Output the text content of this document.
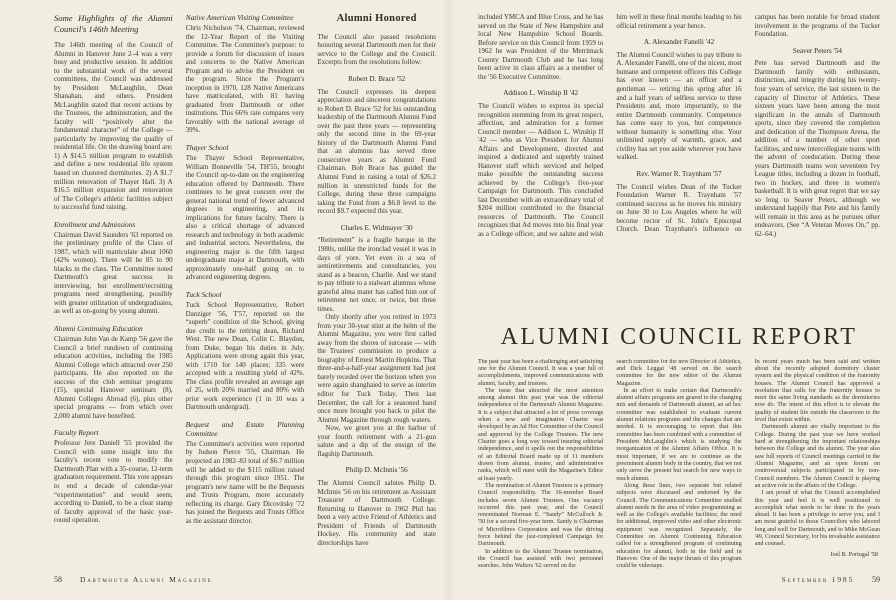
Some Highlights of the Alumni Council's 146th Meeting

The 146th meeting of the Council of Alumni in Hanover June 2–4 was a very busy and productive session. In addition to the substantial work of the several committees, the Council was addressed by President McLaughlin, Dean Shanahan, and others. President McLaughlin stated that recent actions by the Trustees, the administration, and the faculty will “positively alter the fundamental character” of the College — particularly by improving the quality of residential life. On the drawing board are: 1) A $14.5 million program to establish and define a new residential life system based on clustered dormitories. 2) A $1.7 million renovation of Thayer Hall. 3) A $16.5 million expansion and renovation of The College's athletic facilities subject to successful fund raising.

Enrollment and Admissions

Chairman David Saunders '63 reported on the preliminary profile of the Class of 1987, which will matriculate about 1060 (42% women). There will be 85 to 90 blacks in the class. The Committee noted Dartmouth's great success in interviewing, but enrollment/recruiting programs need strengthening, possibly with greater utilization of undergraduates, as well as on-going by young alumni.

Alumni Continuing Education

Chairman John Van de Kamp '56 gave the Council a brief rundown of continuing education activities, including the 1985 Alumni College which attracted over 250 participants. He also reported on the success of the club seminar programs (15), special Hanover seminars (8), Alumni Colleges Abroad (6), plus other special programs — from which over 2,000 alumni have benefited.

Faculty Report

Professor Jere Daniell '55 provided the Council with some insight into the faculty's recent vote to modify the Dartmouth Plan with a 35-course, 12-term graduation requirement. This vote appears to end a decade of calendar-year “experimentation” and would seem, according to Daniell, to be a clear stamp of faculty approval of the basic year-round operation.

Native American Visiting Committee

Chris Nicholson '74, Chairman, reviewed the 12-Year Report of the Visiting Committee. The Committee's purpose: to provide a forum for discussion of issues and concerns to the Native American Program and to advise the President on the program. Since the Program's inception in 1970, 128 Native Americans have matriculated, with 81 having graduated from Dartmouth or other institutions. This 66% rate compares very favorably with the national average of 39%.

Thayer School

The Thayer School Representative, William Bonneville '54, TH'55, brought the Council up-to-date on the engineering education offered by Dartmouth. There continues to be great concern over the general national trend of fewer advanced degrees in engineering, and its implications for future faculty. There is also a critical shortage of advanced research and technology in both academic and industrial sectors. Nevertheless, the engineering major is the fifth largest undergraduate major at Dartmouth, with approximately one-half going on to advanced engineering degrees.

Tuck School

Tuck School Representative, Robert Danziger '56, T'57, reported on the “superb” condition of the School, giving due credit to the retiring dean, Richard West. The new Dean, Colin C. Blaydon, from Duke, began his duties in July. Applications were strong again this year, with 1710 for 140 places; 335 were accepted with a resulting yield of 42%. The class profile revealed an average age of 25, with 20% married and 80% with prior work experience (1 in 10 was a Dartmouth undergrad).

Bequest and Estate Planning Committee

The Committee's activities were reported by Judson Pierce '55, Chairman. He projected an 1982–83 total of $6.7 million will be added to the $115 million raised through this program since 1951. The program's new name will be the Bequests and Trusts Program, more accurately reflecting its charge. Gary Dicovitsky '72 has joined the Bequests and Trusts Office as the assistant director.

Alumni Honored

The Council also passed resolutions honoring several Dartmouth men for their service to the College and the Council. Excerpts from the resolutions follow:

Robert D. Brace '52

The Council expresses its deepest appreciation and sincerest congratulations to Robert D. Brace '52 for his outstanding leadership of the Dartmouth Alumni Fund over the past three years — representing only the second time in the 69-year history of the Dartmouth Alumni Fund that an alumnus has served three consecutive years as Alumni Fund Chairman. Bob Brace has guided the Alumni Fund in raising a total of $26.2 million in unrestricted funds for the College, during these three campaigns taking the Fund from a $6.8 level to the record $9.7 expected this year.

Charles E. Widmayer '30

“Retirement” is a fragile barque in the 1980s, unlike the ironclad vessel it was in days of yore. Yet even in a sea of semiretirements and consultancies, you stand as a beacon, Charlie. And we stand to pay tribute to a stalwart alumnus whose grateful alma mater has called him out of retirement not once, or twice, but three times.

Only shortly after you retired in 1973 from your 30-year stint at the helm of the Alumni Magazine, you were first called away from the shores of surcease — with the Trustees' commission to produce a biography of Ernest Martin Hopkins. That three-and-a-half-year assignment had just barely receded over the horizon when you were again shanghaied to serve as interim editor for Tuck Today. Then last December, the call for a seasoned hand once more brought you back to pilot the Alumni Magazine through rough waters.

Now, we greet you at the harbor of your fourth retirement with a 21-gun salute and a dip of the ensign of the flagship Dartmouth.

Philip D. McInnis '56

The Alumni Council salutes Philip D. McInnis '56 on his retirement as Assistant Treasurer of Dartmouth College. Returning to Hanover in 1962 Phil has been a very active Friend of Athletics and President of Friends of Dartmouth Hockey. His community and state directorships have

58 Dartmouth Alumni Magazine

included YMCA and Blue Cross, and he has served on the State of New Hampshire and local New Hampshire School Boards. Before service on this Council from 1959 to 1962 he was President of the Merrimack County Dartmouth Club and he has long been active in class affairs as a member of the '56 Executive Committee.

Addison L. Winship II '42

The Council wishes to express its special recognition stemming from its great respect, affection, and admiration for a former Council member — Addison L. Winship II '42 — who as Vice President for Alumni Affairs and Development, directed and inspired a dedicated and superbly trained Hanover staff which serviced and helped make possible the outstanding success achieved by the College's five-year Campaign for Dartmouth. This concluded last December with an extraordinary total of $204 million contributed to the financial resources of Dartmouth. The Council recognizes that Ad moves into his final year as a College officer, and we salute and wish him well in these final months leading to his official retirement a year hence.

A. Alexander Fanelli '42

The Alumni Council wishes to pay tribute to A. Alexander Fanelli, one of the nicest, most humane and competent officers this College has ever known — an officer and a gentleman — retiring this spring after 16 and a half years of selfless service to three Presidents and, more importantly, to the entire Dartmouth community. Competence has come easy to you, but competence without humanity is something else. Your unlimited supply of warmth, grace, and civility has set you aside wherever you have walked.

Rev. Warner R. Traynham '57

The Council wishes Dean of the Tucker Foundation Warner R. Traynham '57 continued success as he moves his ministry on June 30 to Los Angeles where he will become rector of St. John's Episcopal Church. Dean Traynham's influence on campus has been notable for broad student involvement in the programs of the Tucker Foundation.

Seaver Peters '54

Pete has served Dartmouth and the Dartmouth family with enthusiasm, distinction, and integrity during his twenty-four years of service, the last sixteen in the capacity of Director of Athletics. These sixteen years have been among the most significant in the annals of Dartmouth sports, since they covered the completion and dedication of the Thompson Arena, the addition of a number of other sport facilities, and new intercollegiate teams with the advent of coeducation. During these years Dartmouth teams won seventeen Ivy League titles, including a dozen in football, two in hockey, and three in women's basketball. It is with great regret that we say so long to Seaver Peters, although we understand happily that Pete and his family will remain in this area as he pursues other endeavors. (See “A Veteran Moves On,” pp. 62–64.)

ALUMNI COUNCIL REPORT

The past year has been a challenging and satisfying one for the Alumni Council. It was a year full of accomplishments, improved communications with alumni, faculty, and trustees.

The issue that attracted the most attention among alumni this past year was the editorial independence of the Dartmouth Alumni Magazine. It is a subject that attracted a lot of press coverage when a new and imaginative Charter was developed by an Ad Hoc Committee of the Council and approved by the College Trustees. The new Charter goes a long way toward insuring editorial independence, and it spells out the responsibilities of an Editorial Board made up of 11 members drawn from alumni, trustee, and administrative ranks, which will meet with the Magazine's Editor at least yearly.

The nomination of Alumni Trustees is a primary Council responsibility. The 16-member Board includes seven Alumni Trustees. One vacancy occurred this past year, and the Council renominated Norman E. “Sandy” McCulloch Jr. '50 for a second five-year term. Sandy is Chairman of Microfibres Corporation and was the driving force behind the just-completed Campaign for Dartmouth.

In addition to the Alumni Trustee nomination, the Council has assisted with two personnel searches. John Walters '62 served on the

search committee for the new Director of Athletics, and Dick Leggat '48 served on the search committee for the new editor of the Alumni Magazine.

In an effort to make certain that Dartmouth's alumni affairs programs are geared to the changing mix and demands of Dartmouth alumni, an ad hoc committee was established to evaluate current alumni relations programs and the changes that are needed. It is encouraging to report that this committee has been combined with a committee of President McLaughlin's which is studying the reorganization of the Alumni Affairs Office. It is most important, if we are to continue as the preeminent alumni body in the country, that we not only serve the present but search for new ways to reach alumni.

Along these lines, two separate but related subjects were discussed and endorsed by the Council. The Communications Committee studied alumni needs in the area of video programming as well as the College's available facilities; the need for additional, improved video and other electronic equipment was recognized. Separately, the Committee on Alumni Continuing Education called for a strengthened program of continuing education for alumni, both in the field and in Hanover. One of the major thrusts of this program could be videotape.

In recent years much has been said and written about the recently adopted dormitory cluster system and the physical condition of the fraternity houses. The Alumni Council has approved a resolution that calls for the fraternity houses to meet the same living standards as the dormitories now do. The intent of this effort is to elevate the quality of student life outside the classroom to the level that exists within.

Dartmouth alumni are vitally important to the College. During the past year we have worked hard at strengthening the important relationships between the College and its alumni. The year also saw full reports of Council meetings carried in the Alumni Magazine, and an open forum on controversial subjects participated in by non-Council members. The Alumni Council is playing an active role in the affairs of the College.

I am proud of what the Council accomplished this year and feel it is well positioned to accomplish what needs to be done in the years ahead. It has been a privilege to serve you, and I am most grateful to those Councilors who labored long and well for Dartmouth, and to Mike McGean '49, Council Secretary, for his invaluable assistance and counsel.

Joel B. Portugal '58

September 1985 59
